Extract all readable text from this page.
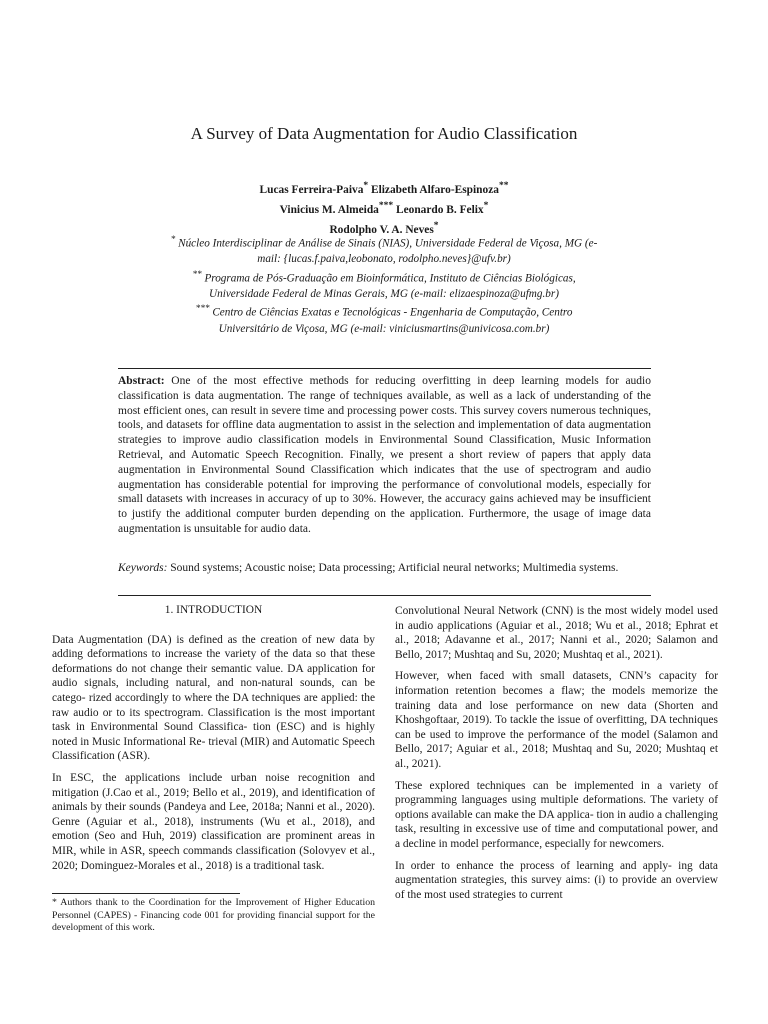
A Survey of Data Augmentation for Audio Classification
Lucas Ferreira-Paiva* Elizabeth Alfaro-Espinoza**
Vinicius M. Almeida*** Leonardo B. Felix*
Rodolpho V. A. Neves*

* Núcleo Interdisciplinar de Análise de Sinais (NIAS), Universidade Federal de Viçosa, MG (e-mail: {lucas.f.paiva,leobonato, rodolpho.neves}@ufv.br)

** Programa de Pós-Graduação em Bioinformática, Instituto de Ciências Biológicas, Universidade Federal de Minas Gerais, MG (e-mail: elizaespinoza@ufmg.br)

*** Centro de Ciências Exatas e Tecnológicas - Engenharia de Computação, Centro Universitário de Viçosa, MG (e-mail: viniciusmartins@univicosa.com.br)

Abstract: One of the most effective methods for reducing overfitting in deep learning models for audio classification is data augmentation. The range of techniques available, as well as a lack of understanding of the most efficient ones, can result in severe time and processing power costs. This survey covers numerous techniques, tools, and datasets for offline data augmentation to assist in the selection and implementation of data augmentation strategies to improve audio classification models in Environmental Sound Classification, Music Information Retrieval, and Automatic Speech Recognition. Finally, we present a short review of papers that apply data augmentation in Environmental Sound Classification which indicates that the use of spectrogram and audio augmentation has considerable potential for improving the performance of convolutional models, especially for small datasets with increases in accuracy of up to 30%. However, the accuracy gains achieved may be insufficient to justify the additional computer burden depending on the application. Furthermore, the usage of image data augmentation is unsuitable for audio data.
Keywords: Sound systems; Acoustic noise; Data processing; Artificial neural networks; Multimedia systems.
1. INTRODUCTION

Data Augmentation (DA) is defined as the creation of new data by adding deformations to increase the variety of the data so that these deformations do not change their semantic value. DA application for audio signals, including natural, and non-natural sounds, can be catego- rized accordingly to where the DA techniques are applied: the raw audio or to its spectrogram. Classification is the most important task in Environmental Sound Classifica- tion (ESC) and is highly noted in Music Informational Re- trieval (MIR) and Automatic Speech Classification (ASR).

In ESC, the applications include urban noise recognition and mitigation (J.Cao et al., 2019; Bello et al., 2019), and identification of animals by their sounds (Pandeya and Lee, 2018a; Nanni et al., 2020). Genre (Aguiar et al., 2018), instruments (Wu et al., 2018), and emotion (Seo and Huh, 2019) classification are prominent areas in MIR, while in ASR, speech commands classification (Solovyev et al., 2020; Dominguez-Morales et al., 2018) is a traditional task.

Convolutional Neural Network (CNN) is the most widely model used in audio applications (Aguiar et al., 2018; Wu et al., 2018; Ephrat et al., 2018; Adavanne et al., 2017; Nanni et al., 2020; Salamon and Bello, 2017; Mushtaq and Su, 2020; Mushtaq et al., 2021).

However, when faced with small datasets, CNN’s capacity for information retention becomes a flaw; the models memorize the training data and lose performance on new data (Shorten and Khoshgoftaar, 2019). To tackle the issue of overfitting, DA techniques can be used to improve the performance of the model (Salamon and Bello, 2017; Aguiar et al., 2018; Mushtaq and Su, 2020; Mushtaq et al., 2021).

These explored techniques can be implemented in a variety of programming languages using multiple deformations. The variety of options available can make the DA applica- tion in audio a challenging task, resulting in excessive use of time and computational power, and a decline in model performance, especially for newcomers.

In order to enhance the process of learning and apply- ing data augmentation strategies, this survey aims: (i) to provide an overview of the most used strategies to current

* Authors thank to the Coordination for the Improvement of Higher Education Personnel (CAPES) - Financing code 001 for providing financial support for the development of this work.
